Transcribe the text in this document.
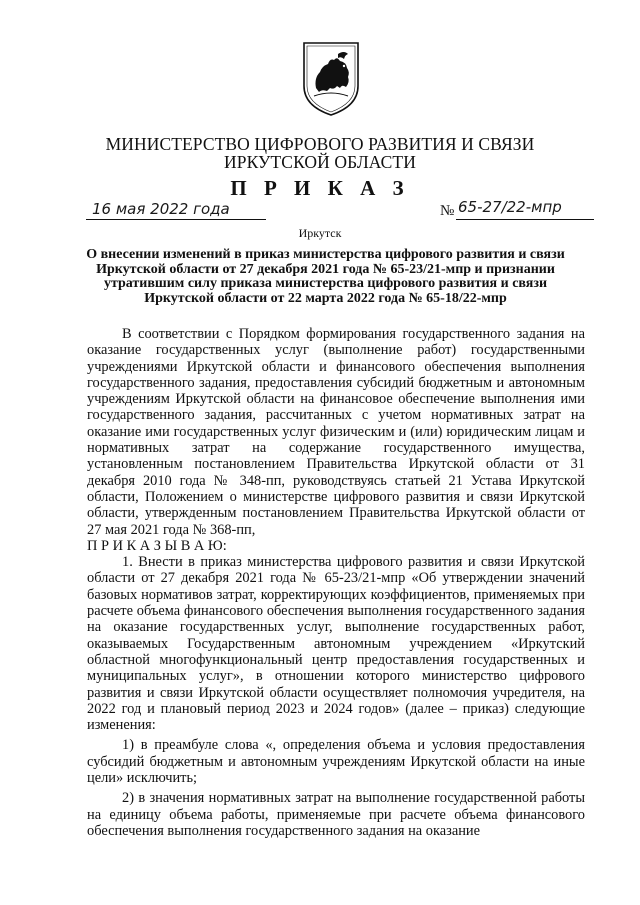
МИНИСТЕРСТВО ЦИФРОВОГО РАЗВИТИЯ И СВЯЗИ
ИРКУТСКОЙ ОБЛАСТИ
П Р И К А З
16 мая 2022 года	№ 65-27/22-мпр
Иркутск
О внесении изменений в приказ министерства цифрового развития и связи Иркутской области от 27 декабря 2021 года № 65-23/21-мпр и признании утратившим силу приказа министерства цифрового развития и связи Иркутской области от 22 марта 2022 года № 65-18/22-мпр

В соответствии с Порядком формирования государственного задания на оказание государственных услуг (выполнение работ) государственными учреждениями Иркутской области и финансового обеспечения выполнения государственного задания, предоставления субсидий бюджетным и автономным учреждениям Иркутской области на финансовое обеспечение выполнения ими государственного задания, рассчитанных с учетом нормативных затрат на оказание ими государственных услуг физическим и (или) юридическим лицам и нормативных затрат на содержание государственного имущества, установленным постановлением Правительства Иркутской области от 31 декабря 2010 года № 348-пп, руководствуясь статьей 21 Устава Иркутской области, Положением о министерстве цифрового развития и связи Иркутской области, утвержденным постановлением Правительства Иркутской области от 27 мая 2021 года № 368-пп,

П Р И К А З Ы В А Ю:

1. Внести в приказ министерства цифрового развития и связи Иркутской области от 27 декабря 2021 года № 65-23/21-мпр «Об утверждении значений базовых нормативов затрат, корректирующих коэффициентов, применяемых при расчете объема финансового обеспечения выполнения государственного задания на оказание государственных услуг, выполнение государственных работ, оказываемых Государственным автономным учреждением «Иркутский областной многофункциональный центр предоставления государственных и муниципальных услуг», в отношении которого министерство цифрового развития и связи Иркутской области осуществляет полномочия учредителя, на 2022 год и плановый период 2023 и 2024 годов» (далее – приказ) следующие изменения:

1) в преамбуле слова «, определения объема и условия предоставления субсидий бюджетным и автономным учреждениям Иркутской области на иные цели» исключить;

2) в значения нормативных затрат на выполнение государственной работы на единицу объема работы, применяемые при расчете объема финансового обеспечения выполнения государственного задания на оказание
